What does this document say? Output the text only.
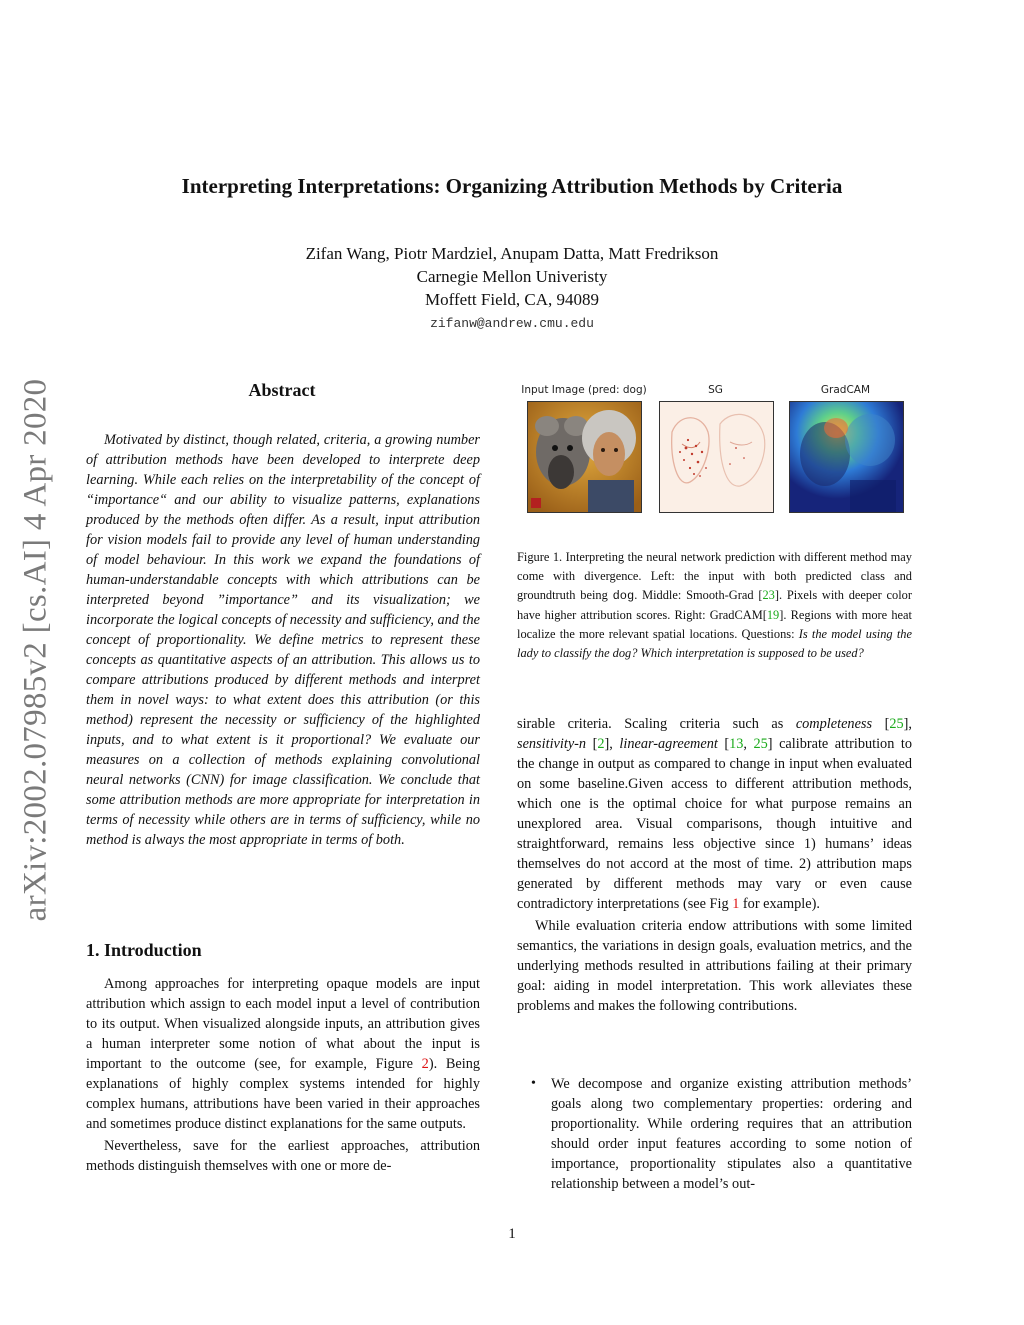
arXiv:2002.07985v2 [cs.AI] 4 Apr 2020
Interpreting Interpretations: Organizing Attribution Methods by Criteria
Zifan Wang, Piotr Mardziel, Anupam Datta, Matt Fredrikson
Carnegie Mellon Univeristy
Moffett Field, CA, 94089
zifanw@andrew.cmu.edu
Abstract

Motivated by distinct, though related, criteria, a growing number of attribution methods have been developed to interprete deep learning. While each relies on the interpretability of the concept of “importance“ and our ability to visualize patterns, explanations produced by the methods often differ. As a result, input attribution for vision models fail to provide any level of human understanding of model behaviour. In this work we expand the foundations of human-understandable concepts with which attributions can be interpreted beyond ”importance” and its visualization; we incorporate the logical concepts of necessity and sufficiency, and the concept of proportionality. We define metrics to represent these concepts as quantitative aspects of an attribution. This allows us to compare attributions produced by different methods and interpret them in novel ways: to what extent does this attribution (or this method) represent the necessity or sufficiency of the highlighted inputs, and to what extent is it proportional? We evaluate our measures on a collection of methods explaining convolutional neural networks (CNN) for image classification. We conclude that some attribution methods are more appropriate for interpretation in terms of necessity while others are in terms of sufficiency, while no method is always the most appropriate in terms of both.

1. Introduction

Among approaches for interpreting opaque models are input attribution which assign to each model input a level of contribution to its output. When visualized alongside inputs, an attribution gives a human interpreter some notion of what about the input is important to the outcome (see, for example, Figure 2). Being explanations of highly complex systems intended for highly complex humans, attributions have been varied in their approaches and sometimes produce distinct explanations for the same outputs.

Nevertheless, save for the earliest approaches, attribution methods distinguish themselves with one or more de-

Input Image (pred: dog)	SG	GradCAM
Figure 1. Interpreting the neural network prediction with different method may come with divergence. Left: the input with both predicted class and groundtruth being dog. Middle: Smooth-Grad [23]. Pixels with deeper color have higher attribution scores. Right: GradCAM[19]. Regions with more heat localize the more relevant spatial locations. Questions: Is the model using the lady to classify the dog? Which interpretation is supposed to be used?

sirable criteria. Scaling criteria such as completeness [25], sensitivity-n [2], linear-agreement [13, 25] calibrate attribution to the change in output as compared to change in input when evaluated on some baseline.Given access to different attribution methods, which one is the optimal choice for what purpose remains an unexplored area. Visual comparisons, though intuitive and straightforward, remains less objective since 1) humans’ ideas themselves do not accord at the most of time. 2) attribution maps generated by different methods may vary or even cause contradictory interpretations (see Fig 1 for example).

While evaluation criteria endow attributions with some limited semantics, the variations in design goals, evaluation metrics, and the underlying methods resulted in attributions failing at their primary goal: aiding in model interpretation. This work alleviates these problems and makes the following contributions.

• We decompose and organize existing attribution methods’ goals along two complementary properties: ordering and proportionality. While ordering requires that an attribution should order input features according to some notion of importance, proportionality stipulates also a quantitative relationship between a model’s out-
1
